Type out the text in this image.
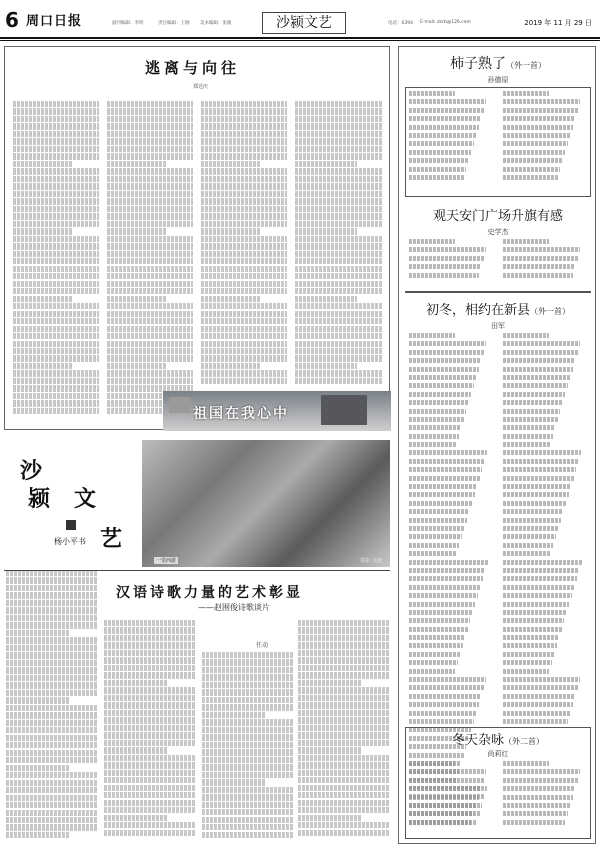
6 周口日报	副刊编辑：李明	责任编辑：王刚 美术编辑：张敏	沙颍文艺	电话：0394 E-mail: zkrb@126.com	2019 年 11 月 29 日
逃离与向往
郑达庆
祖国在我心中
沙
颍 文
艺
杨小平书
一里西游	摄影 吴迪
汉语诗歌力量的艺术彰显
——赵围俊诗歌谈片
任动
柿子熟了（外一首）
孙德原
观天安门广场升旗有感
史学杰
初冬，相约在新县（外一首）
田军
冬天杂咏（外二首）
尚莉红
